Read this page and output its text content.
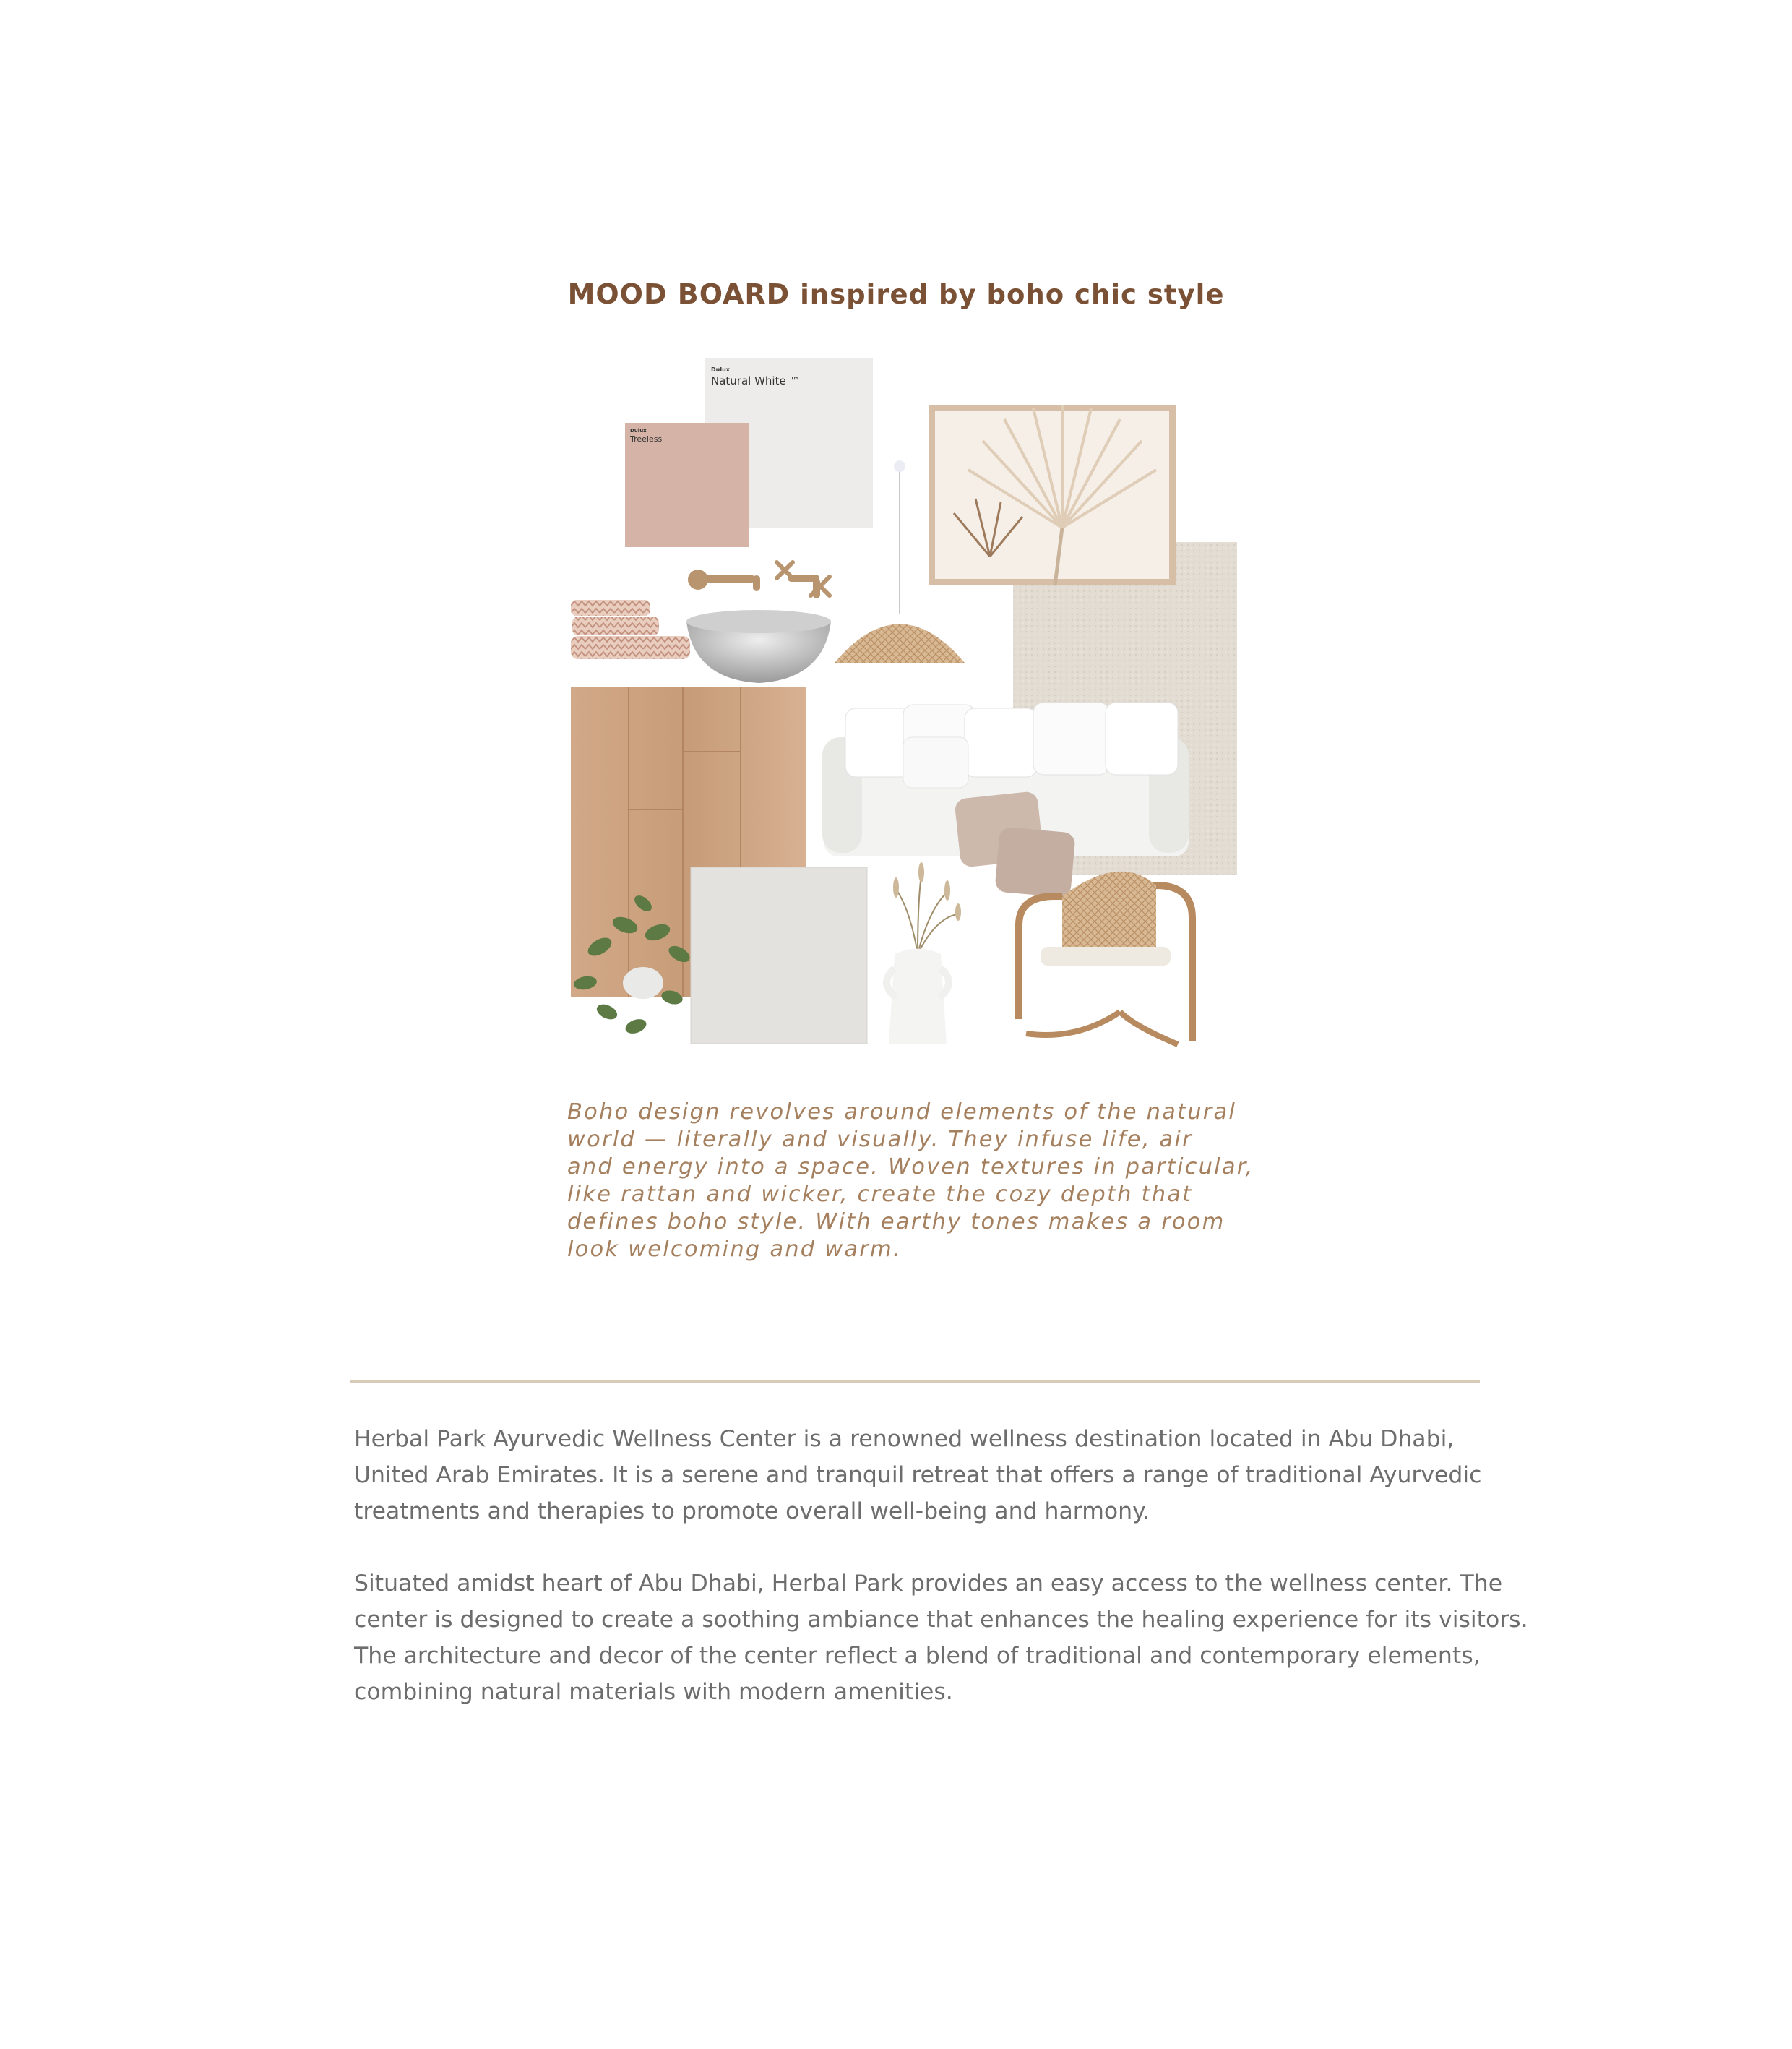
MOOD BOARD inspired by boho chic style
Dulux
Natural White ™
Dulux
Treeless
Boho design revolves around elements of the natural
world — literally and visually. They infuse life, air
and energy into a space. Woven textures in particular,
like rattan and wicker, create the cozy depth that
defines boho style. With earthy tones makes a room
look welcoming and warm.
Herbal Park Ayurvedic Wellness Center is a renowned wellness destination located in Abu Dhabi,
United Arab Emirates. It is a serene and tranquil retreat that offers a range of traditional Ayurvedic
treatments and therapies to promote overall well-being and harmony.
Situated amidst heart of Abu Dhabi, Herbal Park provides an easy access to the wellness center. The
center is designed to create a soothing ambiance that enhances the healing experience for its visitors.
The architecture and decor of the center reflect a blend of traditional and contemporary elements,
combining natural materials with modern amenities.
